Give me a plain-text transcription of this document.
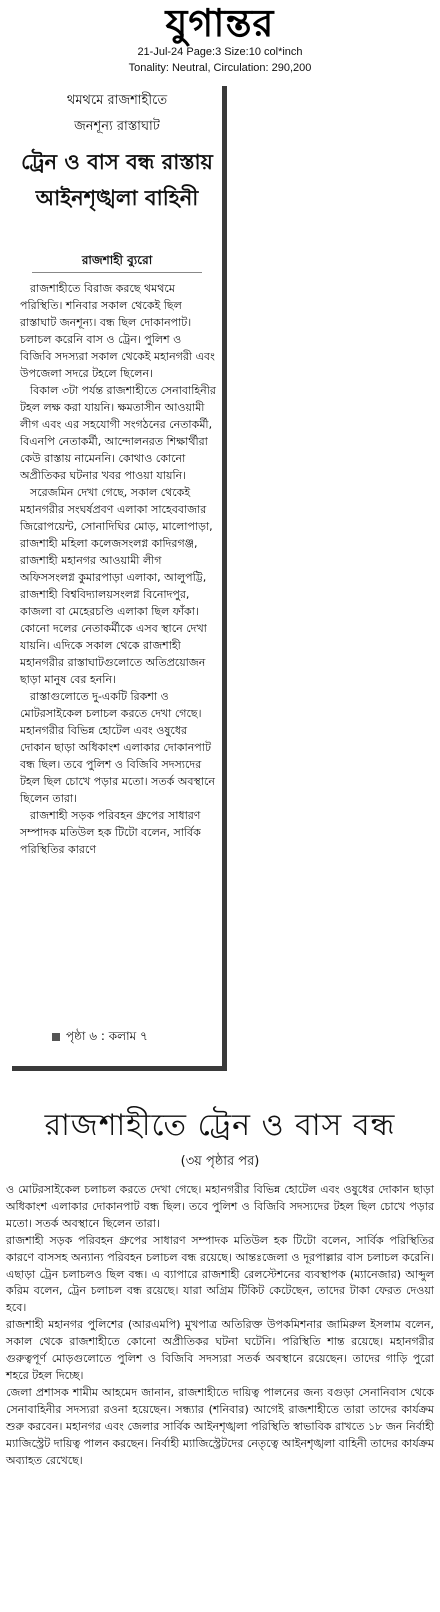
যুগান্তর
21-Jul-24 Page:3 Size:10 col*inch
Tonality: Neutral, Circulation: 290,200
থমথমে রাজশাহীতে
জনশূন্য রাস্তাঘাট
ট্রেন ও বাস বন্ধ রাস্তায় আইনশৃঙ্খলা বাহিনী
রাজশাহী ব্যুরো

রাজশাহীতে বিরাজ করছে থমথমে পরিস্থিতি। শনিবার সকাল থেকেই ছিল রাস্তাঘাট জনশূন্য। বন্ধ ছিল দোকানপাট। চলাচল করেনি বাস ও ট্রেন। পুলিশ ও বিজিবি সদস্যরা সকাল থেকেই মহানগরী এবং উপজেলা সদরে টহলে ছিলেন।

বিকাল ৩টা পর্যন্ত রাজশাহীতে সেনাবাহিনীর টহল লক্ষ করা যায়নি। ক্ষমতাসীন আওয়ামী লীগ এবং এর সহযোগী সংগঠনের নেতাকর্মী, বিএনপি নেতাকর্মী, আন্দোলনরত শিক্ষার্থীরা কেউ রাস্তায় নামেননি। কোথাও কোনো অপ্রীতিকর ঘটনার খবর পাওয়া যায়নি।

সরেজমিন দেখা গেছে, সকাল থেকেই মহানগরীর সংঘর্ষপ্রবণ এলাকা সাহেববাজার জিরোপয়েন্ট, সোনাদিঘির মোড়, মালোপাড়া, রাজশাহী মহিলা কলেজসংলগ্ন কাদিরগঞ্জ, রাজশাহী মহানগর আওয়ামী লীগ অফিসসংলগ্ন কুমারপাড়া এলাকা, আলুপট্টি, রাজশাহী বিশ্ববিদ্যালয়সংলগ্ন বিনোদপুর, কাজলা বা মেহেরচণ্ডি এলাকা ছিল ফাঁকা। কোনো দলের নেতাকর্মীকে এসব স্থানে দেখা যায়নি। এদিকে সকাল থেকে রাজশাহী মহানগরীর রাস্তাঘাটগুলোতে অতিপ্রয়োজন ছাড়া মানুষ বের হননি।

রাস্তাগুলোতে দু-একটি রিকশা ও মোটরসাইকেল চলাচল করতে দেখা গেছে। মহানগরীর বিভিন্ন হোটেল এবং ওষুধের দোকান ছাড়া অধিকাংশ এলাকার দোকানপাট বন্ধ ছিল। তবে পুলিশ ও বিজিবি সদস্যদের টহল ছিল চোখে পড়ার মতো। সতর্ক অবস্থানে ছিলেন তারা।

রাজশাহী সড়ক পরিবহন গ্রুপের সাধারণ সম্পাদক মতিউল হক টিটো বলেন, সার্বিক পরিস্থিতির কারণে

পৃষ্ঠা ৬ : কলাম ৭
রাজশাহীতে ট্রেন ও বাস বন্ধ
(৩য় পৃষ্ঠার পর)

ও মোটরসাইকেল চলাচল করতে দেখা গেছে। মহানগরীর বিভিন্ন হোটেল এবং ওষুধের দোকান ছাড়া অধিকাংশ এলাকার দোকানপাট বন্ধ ছিল। তবে পুলিশ ও বিজিবি সদস্যদের টহল ছিল চোখে পড়ার মতো। সতর্ক অবস্থানে ছিলেন তারা।

রাজশাহী সড়ক পরিবহন গ্রুপের সাধারণ সম্পাদক মতিউল হক টিটো বলেন, সার্বিক পরিস্থিতির কারণে বাসসহ অন্যান্য পরিবহন চলাচল বন্ধ রয়েছে। আন্তঃজেলা ও দূরপাল্লার বাস চলাচল করেনি। এছাড়া ট্রেন চলাচলও ছিল বন্ধ। এ ব্যাপারে রাজশাহী রেলস্টেশনের ব্যবস্থাপক (ম্যানেজার) আব্দুল করিম বলেন, ট্রেন চলাচল বন্ধ রয়েছে। যারা অগ্রিম টিকিট কেটেছেন, তাদের টাকা ফেরত দেওয়া হবে।

রাজশাহী মহানগর পুলিশের (আরএমপি) মুখপাত্র অতিরিক্ত উপকমিশনার জামিরুল ইসলাম বলেন, সকাল থেকে রাজশাহীতে কোনো অপ্রীতিকর ঘটনা ঘটেনি। পরিস্থিতি শান্ত রয়েছে। মহানগরীর গুরুত্বপূর্ণ মোড়গুলোতে পুলিশ ও বিজিবি সদস্যরা সতর্ক অবস্থানে রয়েছেন। তাদের গাড়ি পুরো শহরে টহল দিচ্ছে।

জেলা প্রশাসক শামীম আহমেদ জানান, রাজশাহীতে দায়িত্ব পালনের জন্য বগুড়া সেনানিবাস থেকে সেনাবাহিনীর সদস্যরা রওনা হয়েছেন। সন্ধ্যার (শনিবার) আগেই রাজশাহীতে তারা তাদের কার্যক্রম শুরু করবেন। মহানগর এবং জেলার সার্বিক আইনশৃঙ্খলা পরিস্থিতি স্বাভাবিক রাখতে ১৮ জন নির্বাহী ম্যাজিস্ট্রেট দায়িত্ব পালন করছেন। নির্বাহী ম্যাজিস্ট্রেটদের নেতৃত্বে আইনশৃঙ্খলা বাহিনী তাদের কার্যক্রম অব্যাহত রেখেছে।
